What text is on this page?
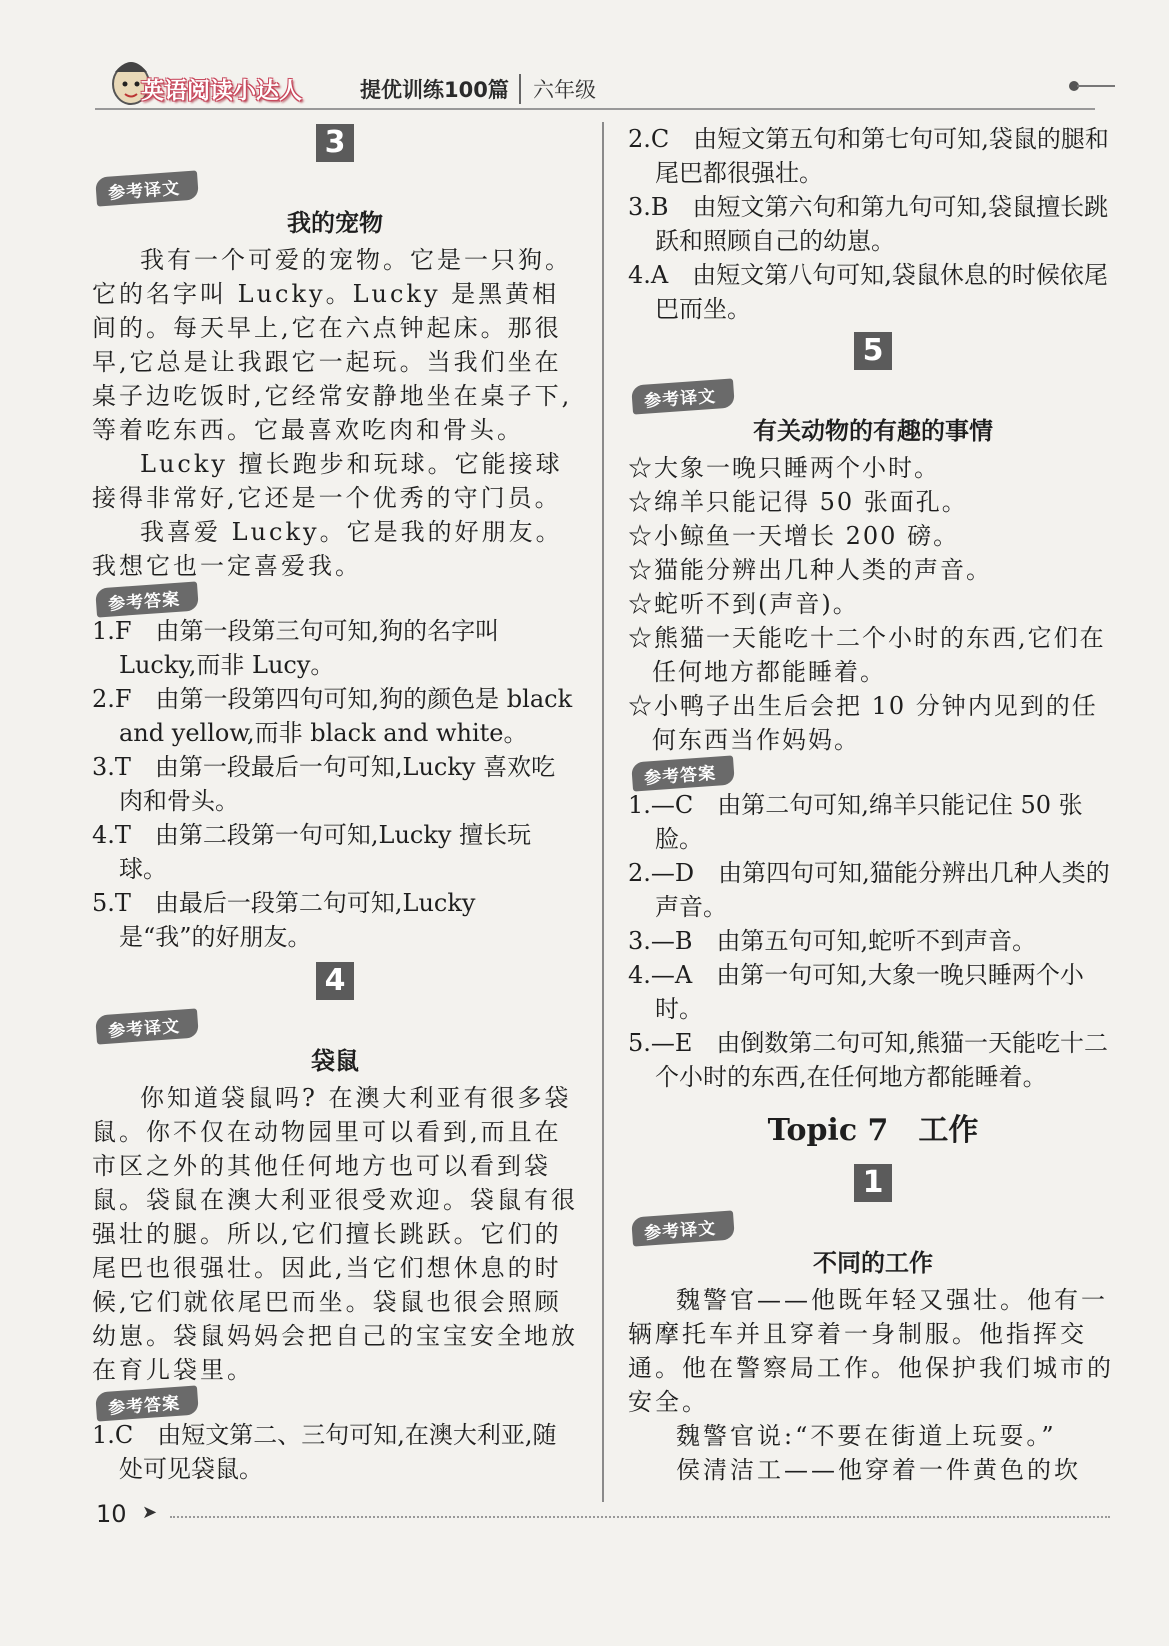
英语阅读小达人	提优训练100篇	六年级
3
参考译文

我的宠物

我有一个可爱的宠物。它是一只狗。它的名字叫 Lucky。Lucky 是黑黄相间的。每天早上,它在六点钟起床。那很早,它总是让我跟它一起玩。当我们坐在桌子边吃饭时,它经常安静地坐在桌子下,等着吃东西。它最喜欢吃肉和骨头。

Lucky 擅长跑步和玩球。它能接球接得非常好,它还是一个优秀的守门员。

我喜爱 Lucky。它是我的好朋友。我想它也一定喜爱我。

参考答案

1.F　由第一段第三句可知,狗的名字叫 Lucky,而非 Lucy。

2.F　由第一段第四句可知,狗的颜色是 black and yellow,而非 black and white。

3.T　由第一段最后一句可知,Lucky 喜欢吃肉和骨头。

4.T　由第二段第一句可知,Lucky 擅长玩球。

5.T　由最后一段第二句可知,Lucky 是“我”的好朋友。

4
参考译文

袋鼠

你知道袋鼠吗? 在澳大利亚有很多袋鼠。你不仅在动物园里可以看到,而且在市区之外的其他任何地方也可以看到袋鼠。袋鼠在澳大利亚很受欢迎。袋鼠有很强壮的腿。所以,它们擅长跳跃。它们的尾巴也很强壮。因此,当它们想休息的时候,它们就依尾巴而坐。袋鼠也很会照顾幼崽。袋鼠妈妈会把自己的宝宝安全地放在育儿袋里。

参考答案

1.C　由短文第二、三句可知,在澳大利亚,随处可见袋鼠。

2.C　由短文第五句和第七句可知,袋鼠的腿和尾巴都很强壮。

3.B　由短文第六句和第九句可知,袋鼠擅长跳跃和照顾自己的幼崽。

4.A　由短文第八句可知,袋鼠休息的时候依尾巴而坐。

5
参考译文

有关动物的有趣的事情

☆大象一晚只睡两个小时。

☆绵羊只能记得 50 张面孔。

☆小鲸鱼一天增长 200 磅。

☆猫能分辨出几种人类的声音。

☆蛇听不到(声音)。

☆熊猫一天能吃十二个小时的东西,它们在任何地方都能睡着。

☆小鸭子出生后会把 10 分钟内见到的任何东西当作妈妈。

参考答案

1.—C　由第二句可知,绵羊只能记住 50 张脸。

2.—D　由第四句可知,猫能分辨出几种人类的声音。

3.—B　由第五句可知,蛇听不到声音。

4.—A　由第一句可知,大象一晚只睡两个小时。

5.—E　由倒数第二句可知,熊猫一天能吃十二个小时的东西,在任何地方都能睡着。

Topic 7　工作

1
参考译文

不同的工作

魏警官——他既年轻又强壮。他有一辆摩托车并且穿着一身制服。他指挥交通。他在警察局工作。他保护我们城市的安全。

魏警官说:“不要在街道上玩耍。”

侯清洁工——他穿着一件黄色的坎

10 ➤
